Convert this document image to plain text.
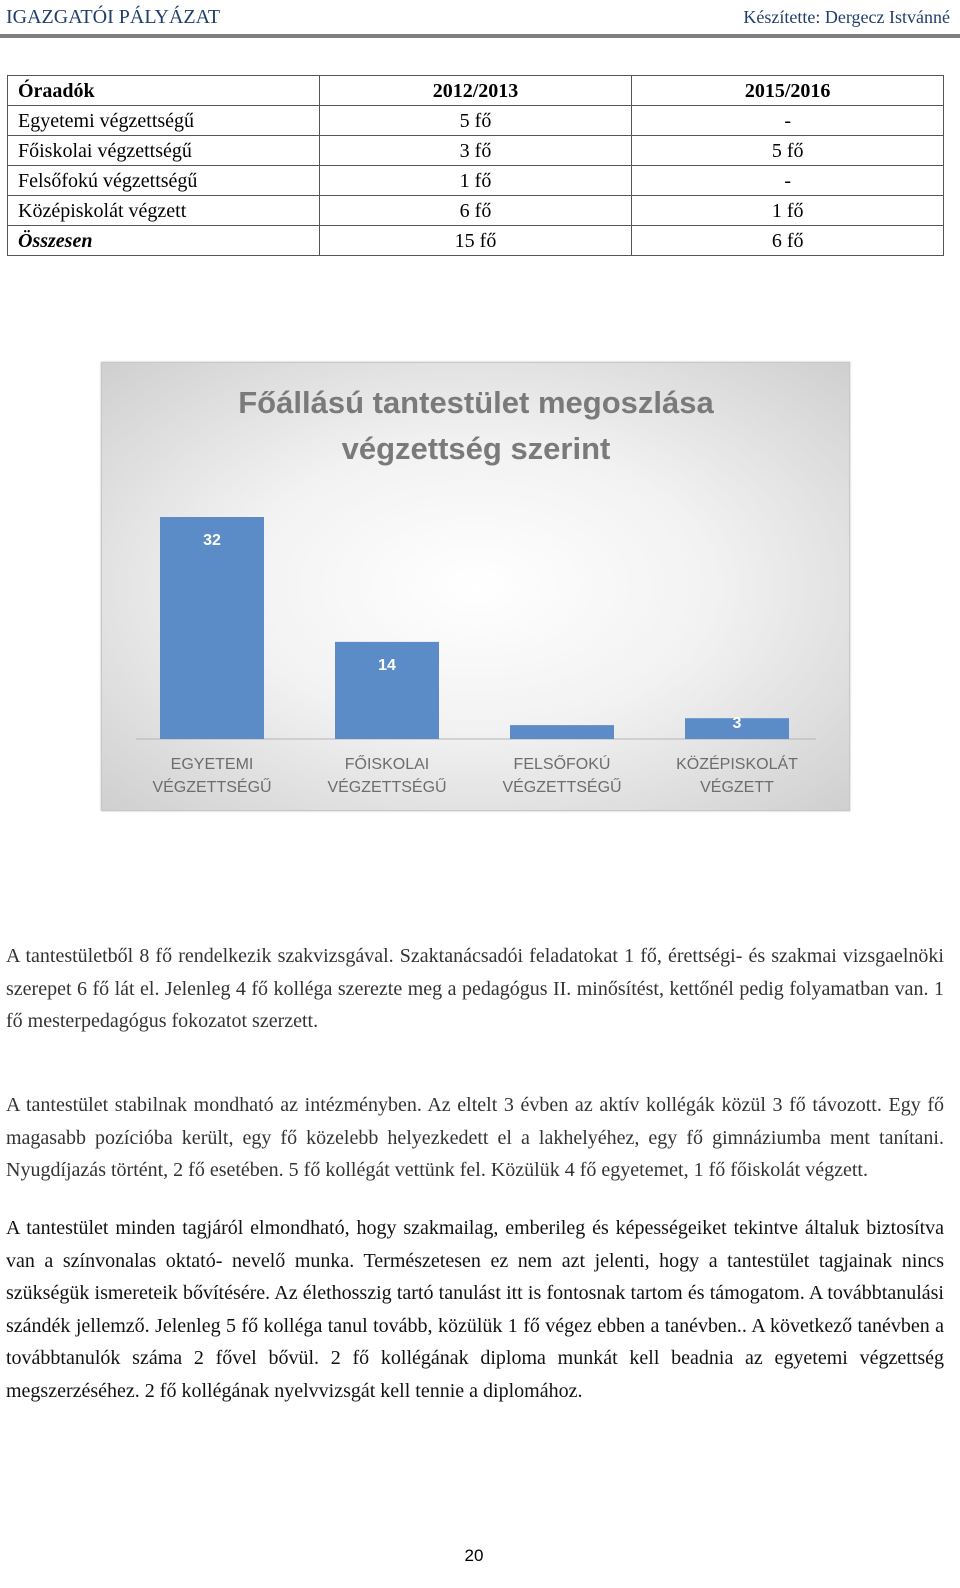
IGAZGATÓI PÁLYÁZAT	Készítette: Dergecz Istvánné
Óraadók	2012/2013	2015/2016
Egyetemi végzettségű	5 fő	-
Főiskolai végzettségű	3 fő	5 fő
Felsőfokú végzettségű	1 fő	-
Középiskolát végzett	6 fő	1 fő
Összesen	15 fő	6 fő
Főállású tantestület megoszlása
végzettség szerint
32
EGYETEMI
VÉGZETTSÉGŰ
14
FŐISKOLAI
VÉGZETTSÉGŰ
FELSŐFOKÚ
VÉGZETTSÉGŰ
3
KÖZÉPISKOLÁT
VÉGZETT

A tantestületből 8 fő rendelkezik szakvizsgával. Szaktanácsadói feladatokat 1 fő, érettségi- és szakmai vizsgaelnöki szerepet 6 fő lát el. Jelenleg 4 fő kolléga szerezte meg a pedagógus II. minősítést, kettőnél pedig folyamatban van. 1 fő mesterpedagógus fokozatot szerzett.

A tantestület stabilnak mondható az intézményben. Az eltelt 3 évben az aktív kollégák közül 3 fő távozott. Egy fő magasabb pozícióba került, egy fő közelebb helyezkedett el a lakhelyéhez, egy fő gimnáziumba ment tanítani. Nyugdíjazás történt, 2 fő esetében. 5 fő kollégát vettünk fel. Közülük 4 fő egyetemet, 1 fő főiskolát végzett.

A tantestület minden tagjáról elmondható, hogy szakmailag, emberileg és képességeiket tekintve általuk biztosítva van a színvonalas oktató- nevelő munka. Természetesen ez nem azt jelenti, hogy a tantestület tagjainak nincs szükségük ismereteik bővítésére. Az élethosszig tartó tanulást itt is fontosnak tartom és támogatom. A továbbtanulási szándék jellemző. Jelenleg 5 fő kolléga tanul tovább, közülük 1 fő végez ebben a tanévben.. A következő tanévben a továbbtanulók száma 2 fővel bővül. 2 fő kollégának diploma munkát kell beadnia az egyetemi végzettség megszerzéséhez. 2 fő kollégának nyelvvizsgát kell tennie a diplomához.

20
